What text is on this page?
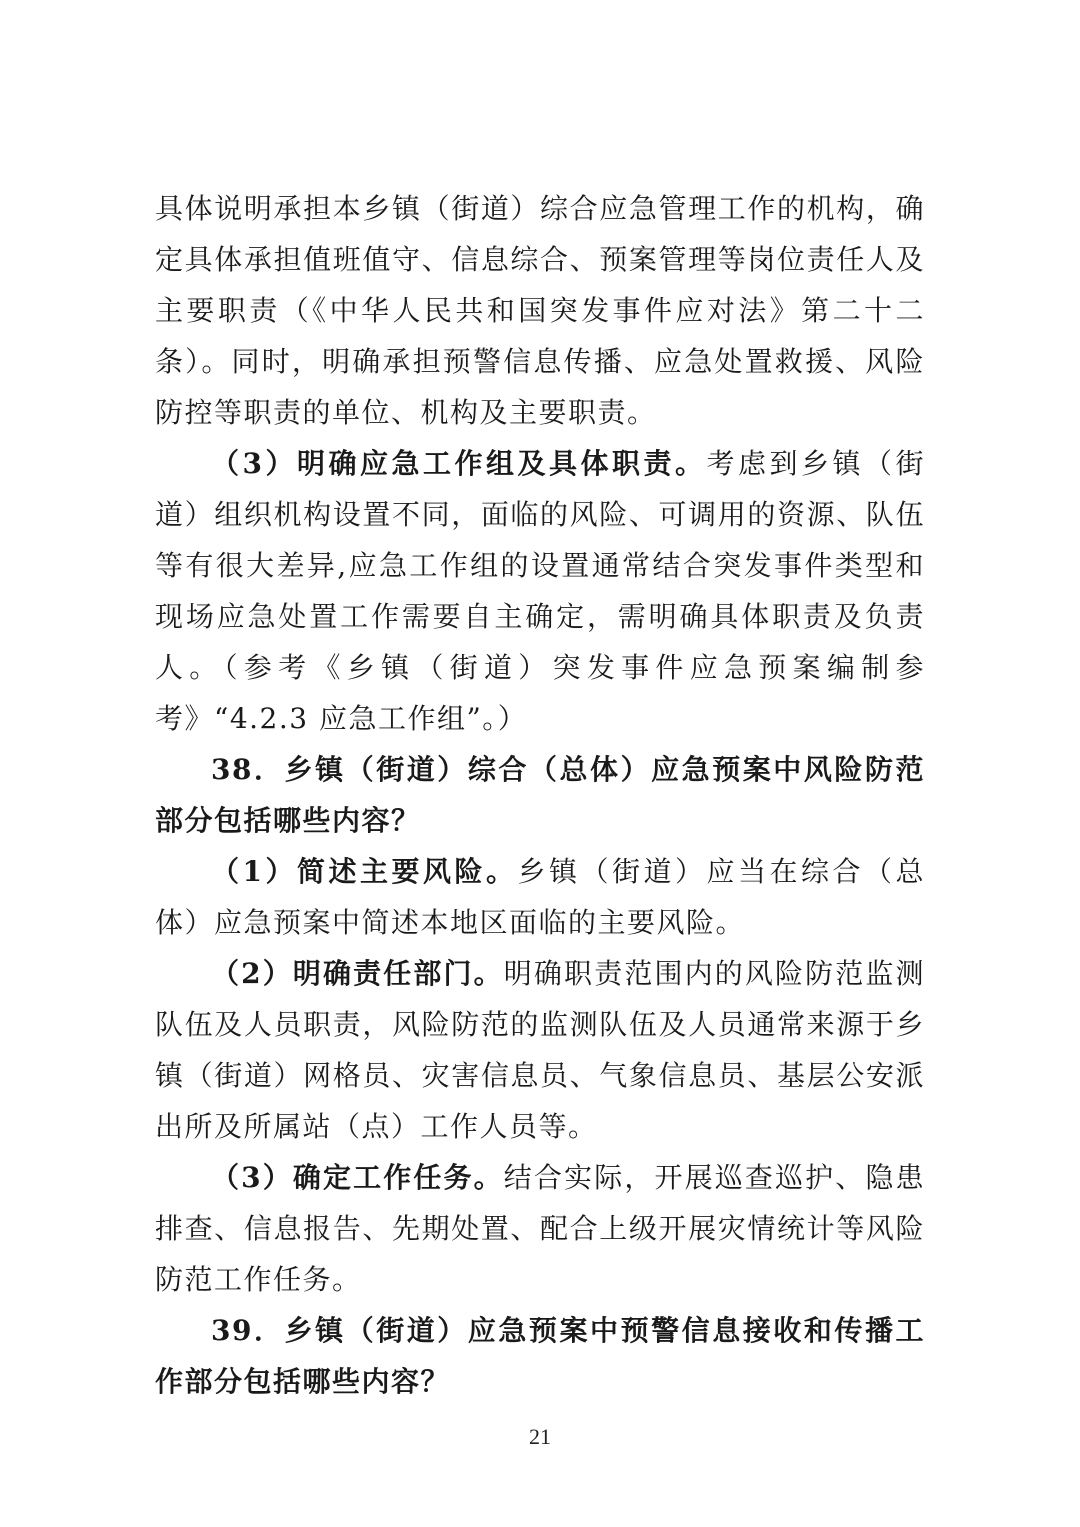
具体说明承担本乡镇（街道）综合应急管理工作的机构，确定具体承担值班值守、信息综合、预案管理等岗位责任人及主要职责（《中华人民共和国突发事件应对法》第二十二条）。同时，明确承担预警信息传播、应急处置救援、风险防控等职责的单位、机构及主要职责。

（3）明确应急工作组及具体职责。考虑到乡镇（街道）组织机构设置不同，面临的风险、可调用的资源、队伍等有很大差异,应急工作组的设置通常结合突发事件类型和现场应急处置工作需要自主确定，需明确具体职责及负责人。（参考《乡镇（街道）突发事件应急预案编制参考》“4.2.3 应急工作组”。）

38．乡镇（街道）综合（总体）应急预案中风险防范部分包括哪些内容？

（1）简述主要风险。乡镇（街道）应当在综合（总体）应急预案中简述本地区面临的主要风险。

（2）明确责任部门。明确职责范围内的风险防范监测队伍及人员职责，风险防范的监测队伍及人员通常来源于乡镇（街道）网格员、灾害信息员、气象信息员、基层公安派出所及所属站（点）工作人员等。

（3）确定工作任务。结合实际，开展巡查巡护、隐患排查、信息报告、先期处置、配合上级开展灾情统计等风险防范工作任务。

39．乡镇（街道）应急预案中预警信息接收和传播工作部分包括哪些内容？

21
